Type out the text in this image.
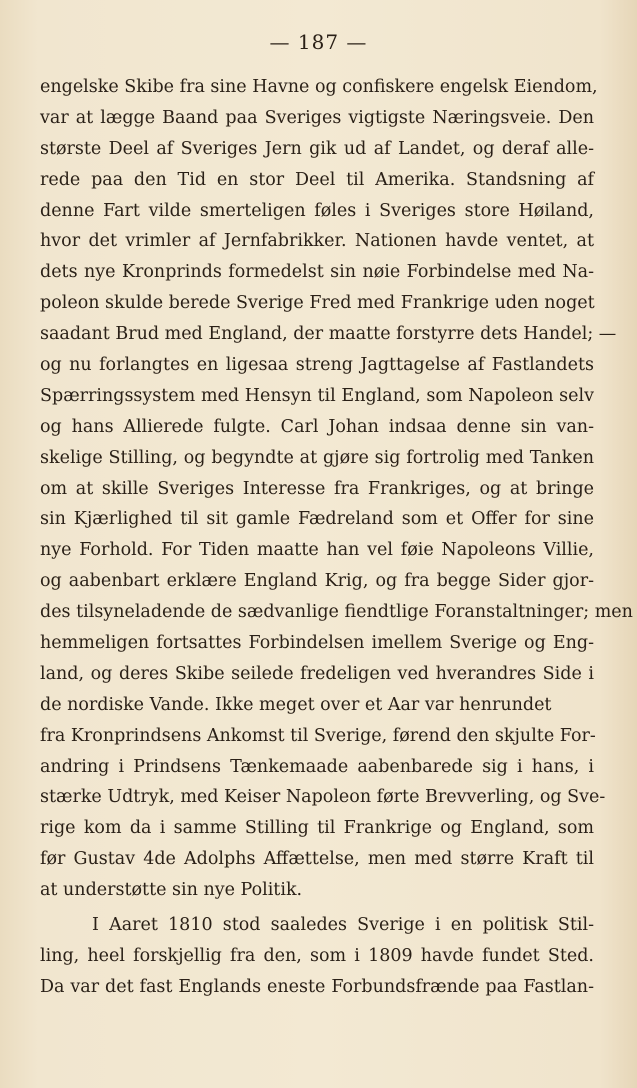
— 187 —
engelske Skibe fra sine Havne og confiskere engelsk Eiendom,
var at lægge Baand paa Sveriges vigtigste Næringsveie. Den
største Deel af Sveriges Jern gik ud af Landet, og deraf alle-
rede paa den Tid en stor Deel til Amerika. Standsning af
denne Fart vilde smerteligen føles i Sveriges store Høiland,
hvor det vrimler af Jernfabrikker. Nationen havde ventet, at
dets nye Kronprinds formedelst sin nøie Forbindelse med Na-
poleon skulde berede Sverige Fred med Frankrige uden noget
saadant Brud med England, der maatte forstyrre dets Handel; —
og nu forlangtes en ligesaa streng Jagttagelse af Fastlandets
Spærringssystem med Hensyn til England, som Napoleon selv
og hans Allierede fulgte. Carl Johan indsaa denne sin van-
skelige Stilling, og begyndte at gjøre sig fortrolig med Tanken
om at skille Sveriges Interesse fra Frankriges, og at bringe
sin Kjærlighed til sit gamle Fædreland som et Offer for sine
nye Forhold. For Tiden maatte han vel føie Napoleons Villie,
og aabenbart erklære England Krig, og fra begge Sider gjor-
des tilsyneladende de sædvanlige fiendtlige Foranstaltninger; men
hemmeligen fortsattes Forbindelsen imellem Sverige og Eng-
land, og deres Skibe seilede fredeligen ved hverandres Side i
de nordiske Vande. Ikke meget over et Aar var henrundet
fra Kronprindsens Ankomst til Sverige, førend den skjulte For-
andring i Prindsens Tænkemaade aabenbarede sig i hans, i
stærke Udtryk, med Keiser Napoleon førte Brevverling, og Sve-
rige kom da i samme Stilling til Frankrige og England, som
før Gustav 4de Adolphs Affættelse, men med større Kraft til
at understøtte sin nye Politik.
I Aaret 1810 stod saaledes Sverige i en politisk Stil-
ling, heel forskjellig fra den, som i 1809 havde fundet Sted.
Da var det fast Englands eneste Forbundsfrænde paa Fastlan-
